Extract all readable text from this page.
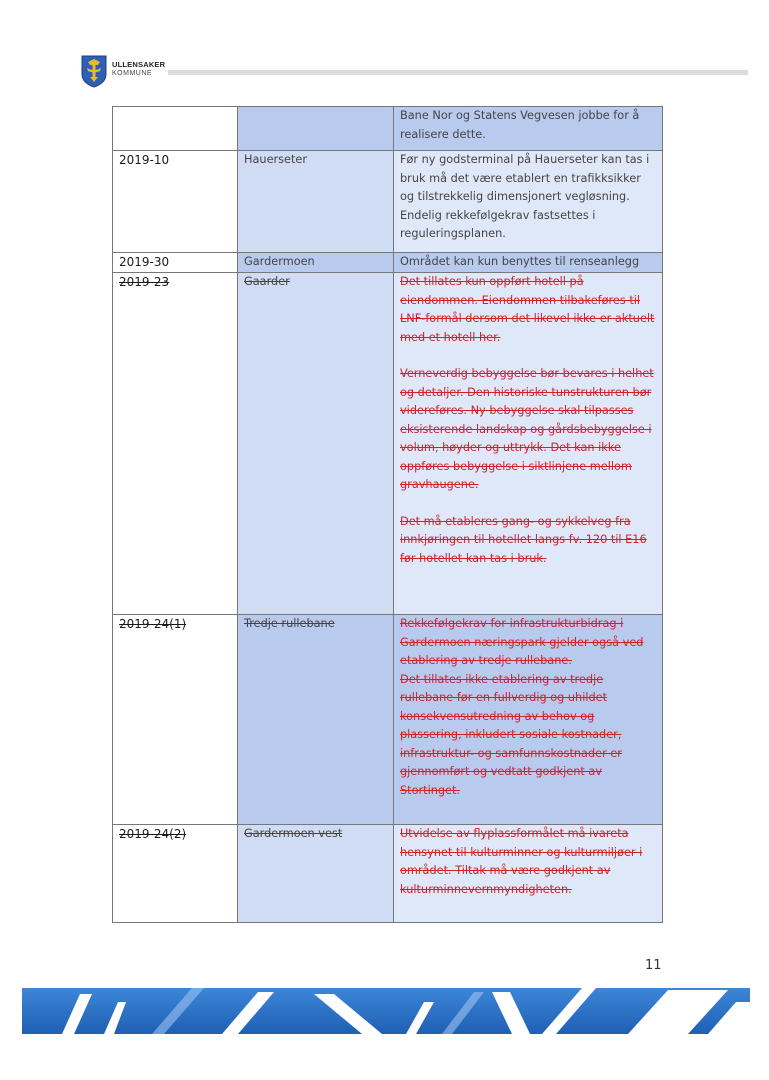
ULLENSAKER
KOMMUNE

		Bane Nor og Statens Vegvesen jobbe for å realisere dette.

2019-10	Hauerseter	Før ny godsterminal på Hauerseter kan tas i bruk må det være etablert en trafikksikker og tilstrekkelig dimensjonert vegløsning. Endelig rekkefølgekrav fastsettes i reguleringsplanen.

2019-30	Gardermoen	Området kan kun benyttes til renseanlegg

2019-23	Gaarder	Det tillates kun oppført hotell på eiendommen. Eiendommen tilbakeføres til LNF-formål dersom det likevel ikke er aktuelt med et hotell her.
Verneverdig bebyggelse bør bevares i helhet og detaljer. Den historiske tunstrukturen bør videreføres. Ny bebyggelse skal tilpasses eksisterende landskap og gårdsbebyggelse i volum, høyder og uttrykk. Det kan ikke oppføres bebyggelse i siktlinjene mellom gravhaugene.
Det må etableres gang- og sykkelveg fra innkjøringen til hotellet langs fv. 120 til E16 før hotellet kan tas i bruk.

2019-24(1)	Tredje rullebane	Rekkefølgekrav for infrastrukturbidrag i Gardermoen næringspark gjelder også ved etablering av tredje rullebane.
Det tillates ikke etablering av tredje rullebane før en fullverdig og uhildet konsekvensutredning av behov og plassering, inkludert sosiale kostnader, infrastruktur- og samfunnskostnader er gjennomført og vedtatt godkjent av Stortinget.

2019-24(2)	Gardermoen vest	Utvidelse av flyplassformålet må ivareta hensynet til kulturminner og kulturmiljøer i området. Tiltak må være godkjent av kulturminnevernmyndigheten.
11
